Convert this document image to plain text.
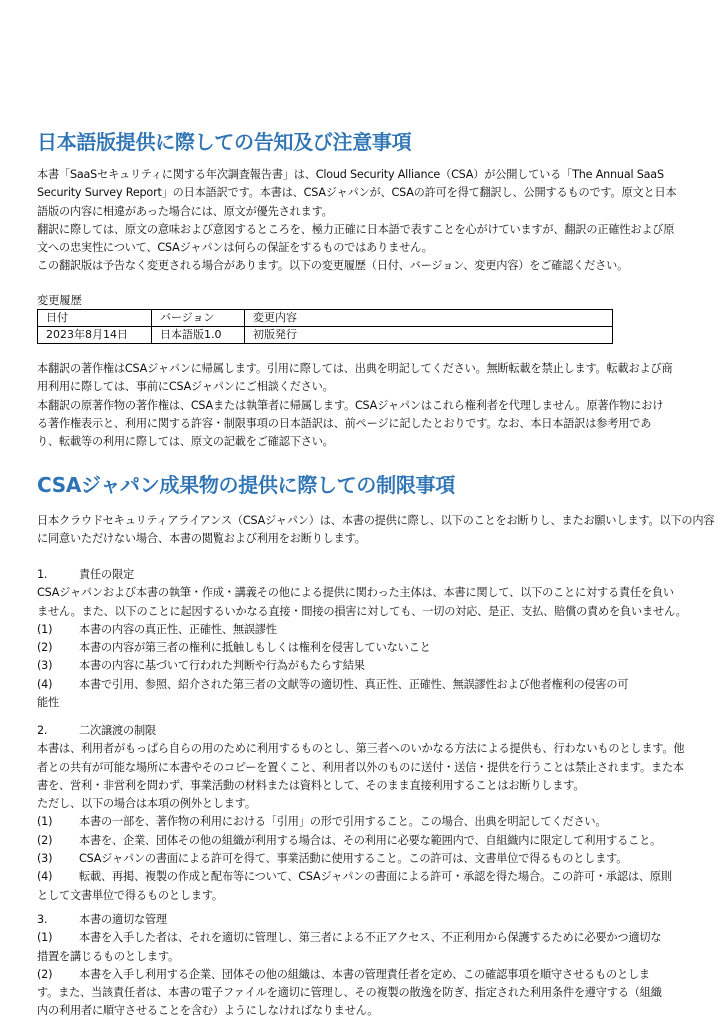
日本語版提供に際しての告知及び注意事項
本書「SaaSセキュリティに関する年次調査報告書」は、Cloud Security Alliance（CSA）が公開している「The Annual SaaS
Security Survey Report」の日本語訳です。本書は、CSAジャパンが、CSAの許可を得て翻訳し、公開するものです。原文と日本
語版の内容に相違があった場合には、原文が優先されます。
翻訳に際しては、原文の意味および意図するところを、極力正確に日本語で表すことを心がけていますが、翻訳の正確性および原
文への忠実性について、CSAジャパンは何らの保証をするものではありません。
この翻訳版は予告なく変更される場合があります。以下の変更履歴（日付、バージョン、変更内容）をご確認ください。
変更履歴
日付	バージョン	変更内容
2023年8月14日	日本語版1.0	初版発行
本翻訳の著作権はCSAジャパンに帰属します。引用に際しては、出典を明記してください。無断転載を禁止します。転載および商
用利用に際しては、事前にCSAジャパンにご相談ください。
本翻訳の原著作物の著作権は、CSAまたは執筆者に帰属します。CSAジャパンはこれら権利者を代理しません。原著作物におけ
る著作権表示と、利用に関する許容・制限事項の日本語訳は、前ページに記したとおりです。なお、本日本語訳は参考用であ
り、転載等の利用に際しては、原文の記載をご確認下さい。
CSAジャパン成果物の提供に際しての制限事項
日本クラウドセキュリティアライアンス（CSAジャパン）は、本書の提供に際し、以下のことをお断りし、またお願いします。以下の内容
に同意いただけない場合、本書の閲覧および利用をお断りします。
1.	責任の限定
CSAジャパンおよび本書の執筆・作成・講義その他による提供に関わった主体は、本書に関して、以下のことに対する責任を負い
ません。また、以下のことに起因するいかなる直接・間接の損害に対しても、一切の対応、是正、支払、賠償の責めを負いません。
(1) 本書の内容の真正性、正確性、無誤謬性
(2) 本書の内容が第三者の権利に抵触しもしくは権利を侵害していないこと
(3) 本書の内容に基づいて行われた判断や行為がもたらす結果
(4) 本書で引用、参照、紹介された第三者の文献等の適切性、真正性、正確性、無誤謬性および他者権利の侵害の可
能性
2.	二次譲渡の制限
本書は、利用者がもっぱら自らの用のために利用するものとし、第三者へのいかなる方法による提供も、行わないものとします。他
者との共有が可能な場所に本書やそのコピーを置くこと、利用者以外のものに送付・送信・提供を行うことは禁止されます。また本
書を、営利・非営利を問わず、事業活動の材料または資料として、そのまま直接利用することはお断りします。
ただし、以下の場合は本項の例外とします。
(1) 本書の一部を、著作物の利用における「引用」の形で引用すること。この場合、出典を明記してください。
(2) 本書を、企業、団体その他の組織が利用する場合は、その利用に必要な範囲内で、自組織内に限定して利用すること。
(3) CSAジャパンの書面による許可を得て、事業活動に使用すること。この許可は、文書単位で得るものとします。
(4) 転載、再掲、複製の作成と配布等について、CSAジャパンの書面による許可・承認を得た場合。この許可・承認は、原則
として文書単位で得るものとします。
3.	本書の適切な管理
(1) 本書を入手した者は、それを適切に管理し、第三者による不正アクセス、不正利用から保護するために必要かつ適切な
措置を講じるものとします。
(2) 本書を入手し利用する企業、団体その他の組織は、本書の管理責任者を定め、この確認事項を順守させるものとしま
す。また、当該責任者は、本書の電子ファイルを適切に管理し、その複製の散逸を防ぎ、指定された利用条件を遵守する（組織
内の利用者に順守させることを含む）ようにしなければなりません。
